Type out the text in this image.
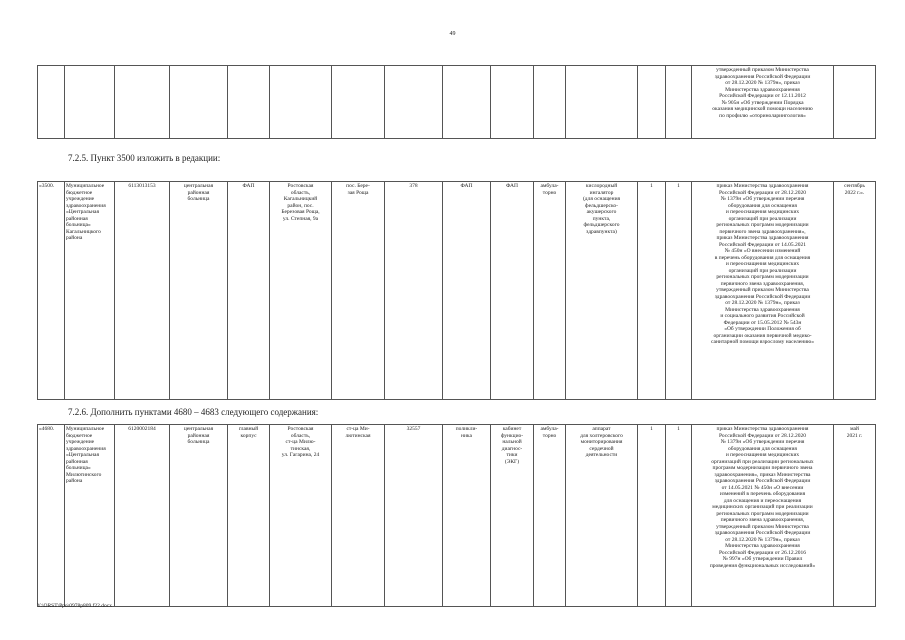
49
														утвержденный приказом Министерства
здравоохранения Российской Федерации
от 28.12.2020 № 1379н», приказ
Министерства здравоохранения
Российской Федерации от 12.11.2012
№ 905н «Об утверждении Порядка
оказания медицинской помощи населению
по профилю «оториноларингология»	
7.2.5. Пункт 3500 изложить в редакции:
«3500.	Муниципальное
бюджетное
учреждение
здравоохранения
«Центральная
районная
больница»
Кагальницкого
района	6113013153	центральная
районная
больница	ФАП	Ростовская
область,
Кагальницкий
район, пос.
Березовая Роща,
ул. Степная, 9а	пос. Бере-
зая Роща	378	ФАП	ФАП	амбула-
торно	кислородный
ингалятор
(для оснащения
фельдшерско-
акушерского
пункта,
фельдшерского
здравпункта)	1	1	приказ Министерства здравоохранения
Российской Федерации от 28.12.2020
№ 1379н «Об утверждении перечня
оборудования для оснащения
и переоснащения медицинских
организаций при реализации
региональных программ модернизации
первичного звена здравоохранения»,
приказ Министерства здравоохранения
Российской Федерации от 14.05.2021
№ 450н «О внесении изменений
в перечень оборудования для оснащения
и переоснащения медицинских
организаций при реализации
региональных программ модернизации
первичного звена здравоохранения,
утвержденный приказом Министерства
здравоохранения Российской Федерации
от 28.12.2020 № 1379н», приказ
Министерства здравоохранения
и социального развития Российской
Федерации от 15.05.2012 № 543н
«Об утверждении Положения об
организации оказания первичной медико-
санитарной помощи взрослому населению»	сентябрь
2022 г.».
7.2.6. Дополнить пунктами 4680 – 4683 следующего содержания:
«4680.	Муниципальное
бюджетное
учреждение
здравоохранения
«Центральная
районная
больница»
Милютинского
района	6120002184	центральная
районная
больница	главный
корпус	Ростовская
область,
ст-ца Милю-
тинская,
ул. Гагарина, 24	ст-ца Ми-
лютинская	32557	поликли-
ника	кабинет
функцио-
нальной
диагнос-
тики
(ЭКГ)	амбула-
торно	аппарат
для холтеровского
мониторирования
сердечной
деятельности	1	1	приказ Министерства здравоохранения
Российской Федерации от 28.12.2020
№ 1379н «Об утверждении перечня
оборудования для оснащения
и переоснащения медицинских
организаций при реализации региональных
программ модернизации первичного звена
здравоохранения», приказ Министерства
здравоохранения Российской Федерации
от 14.05.2021 № 450н «О внесении
изменений в перечень оборудования
для оснащения и переоснащения
медицинских организаций при реализации
региональных программ модернизации
первичного звена здравоохранения,
утвержденный приказом Министерства
здравоохранения Российской Федерации
от 28.12.2020 № 1379н», приказ
Министерства здравоохранения
Российской Федерации от 26.12.2016
№ 997н «Об утверждении Правил
проведения функциональных исследований»	май
2021 г.
Y:\ORST\Ppo\0978p809.f22.docx
